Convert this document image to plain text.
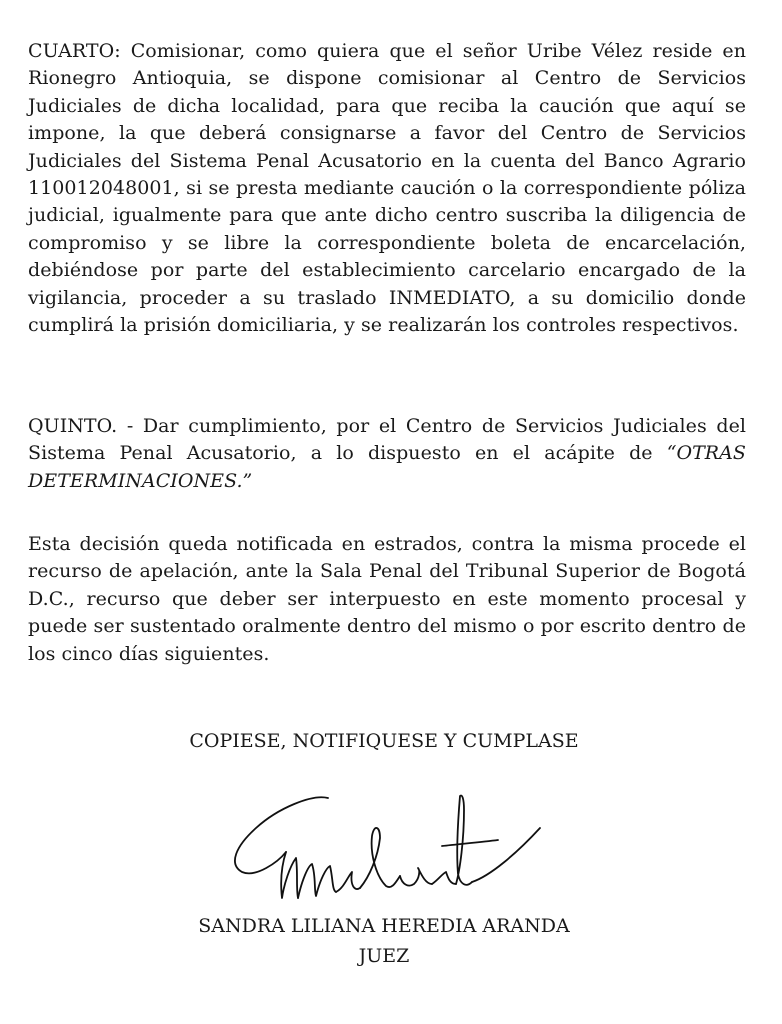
CUARTO: Comisionar, como quiera que el señor Uribe Vélez reside en Rionegro Antioquia, se dispone comisionar al Centro de Servicios Judiciales de dicha localidad, para que reciba la caución que aquí se impone, la que deberá consignarse a favor del Centro de Servicios Judiciales del Sistema Penal Acusatorio en la cuenta del Banco Agrario 110012048001, si se presta mediante caución o la correspondiente póliza judicial, igualmente para que ante dicho centro suscriba la diligencia de compromiso y se libre la correspondiente boleta de encarcelación, debiéndose por parte del establecimiento carcelario encargado de la vigilancia, proceder a su traslado INMEDIATO, a su domicilio donde cumplirá la prisión domiciliaria, y se realizarán los controles respectivos.

QUINTO. - Dar cumplimiento, por el Centro de Servicios Judiciales del Sistema Penal Acusatorio, a lo dispuesto en el acápite de “OTRAS DETERMINACIONES.”

Esta decisión queda notificada en estrados, contra la misma procede el recurso de apelación, ante la Sala Penal del Tribunal Superior de Bogotá D.C., recurso que deber ser interpuesto en este momento procesal y puede ser sustentado oralmente dentro del mismo o por escrito dentro de los cinco días siguientes.

COPIESE, NOTIFIQUESE Y CUMPLASE

SANDRA LILIANA HEREDIA ARANDA

JUEZ
